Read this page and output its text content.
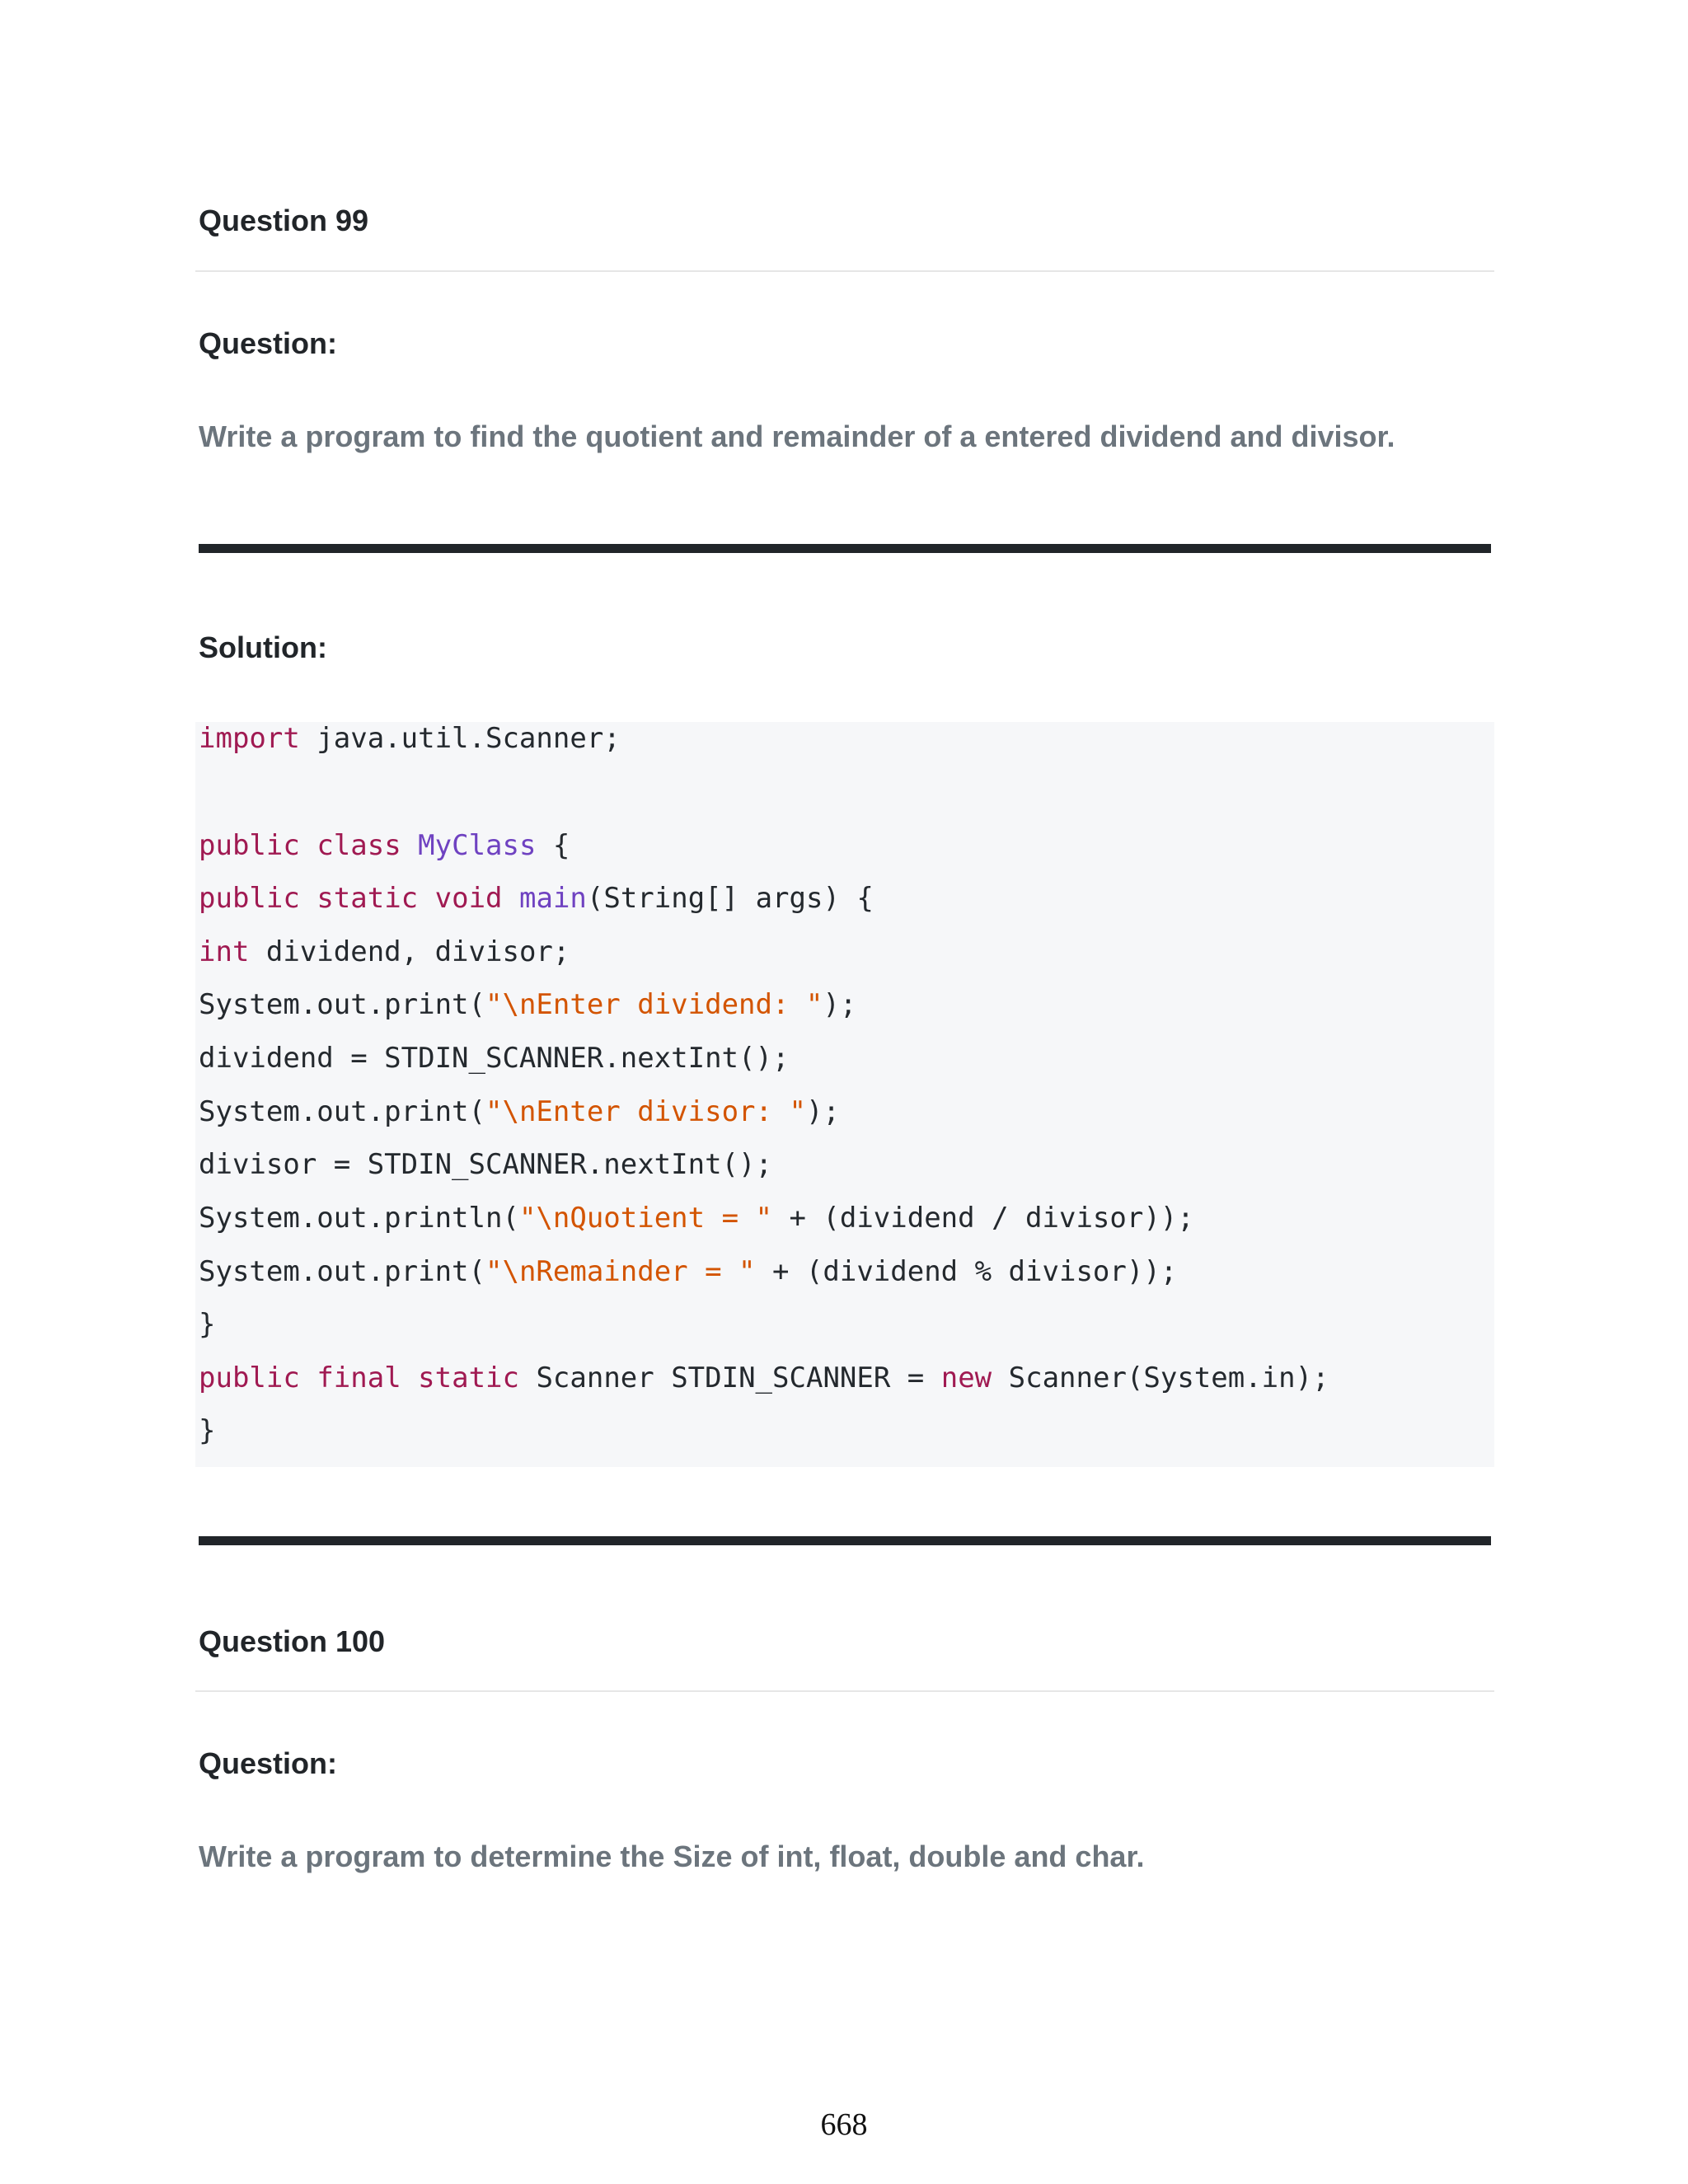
Question 99
Question:
Write a program to find the quotient and remainder of a entered dividend and divisor.
Solution:
import java.util.Scanner;
public class MyClass {
public static void main(String[] args) {
int dividend, divisor;
System.out.print("\nEnter dividend: ");
dividend = STDIN_SCANNER.nextInt();
System.out.print("\nEnter divisor: ");
divisor = STDIN_SCANNER.nextInt();
System.out.println("\nQuotient = " + (dividend / divisor));
System.out.print("\nRemainder = " + (dividend % divisor));
}
public final static Scanner STDIN_SCANNER = new Scanner(System.in);
}
Question 100
Question:
Write a program to determine the Size of int, float, double and char.
668
